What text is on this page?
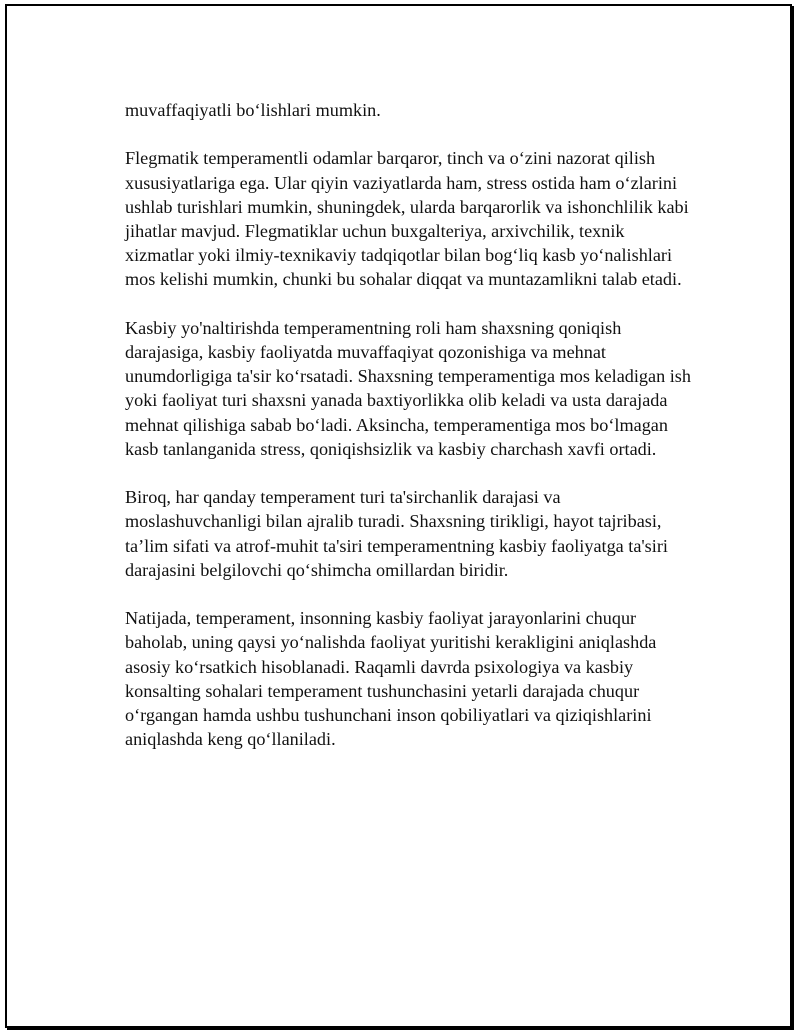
muvaffaqiyatli bo‘lishlari mumkin.

Flegmatik temperamentli odamlar barqaror, tinch va o‘zini nazorat qilish xususiyatlariga ega. Ular qiyin vaziyatlarda ham, stress ostida ham o‘zlarini ushlab turishlari mumkin, shuningdek, ularda barqarorlik va ishonchlilik kabi jihatlar mavjud. Flegmatiklar uchun buxgalteriya, arxivchilik, texnik xizmatlar yoki ilmiy-texnikaviy tadqiqotlar bilan bog‘liq kasb yo‘nalishlari mos kelishi mumkin, chunki bu sohalar diqqat va muntazamlikni talab etadi.

Kasbiy yo'naltirishda temperamentning roli ham shaxsning qoniqish darajasiga, kasbiy faoliyatda muvaffaqiyat qozonishiga va mehnat unumdorligiga ta'sir ko‘rsatadi. Shaxsning temperamentiga mos keladigan ish yoki faoliyat turi shaxsni yanada baxtiyorlikka olib keladi va usta darajada mehnat qilishiga sabab bo‘ladi. Aksincha, temperamentiga mos bo‘lmagan kasb tanlanganida stress, qoniqishsizlik va kasbiy charchash xavfi ortadi.

Biroq, har qanday temperament turi ta'sirchanlik darajasi va moslashuvchanligi bilan ajralib turadi. Shaxsning tirikligi, hayot tajribasi, ta’lim sifati va atrof-muhit ta'siri temperamentning kasbiy faoliyatga ta'siri darajasini belgilovchi qo‘shimcha omillardan biridir.

Natijada, temperament, insonning kasbiy faoliyat jarayonlarini chuqur baholab, uning qaysi yo‘nalishda faoliyat yuritishi kerakligini aniqlashda asosiy ko‘rsatkich hisoblanadi. Raqamli davrda psixologiya va kasbiy konsalting sohalari temperament tushunchasini yetarli darajada chuqur o‘rgangan hamda ushbu tushunchani inson qobiliyatlari va qiziqishlarini aniqlashda keng qo‘llaniladi.
